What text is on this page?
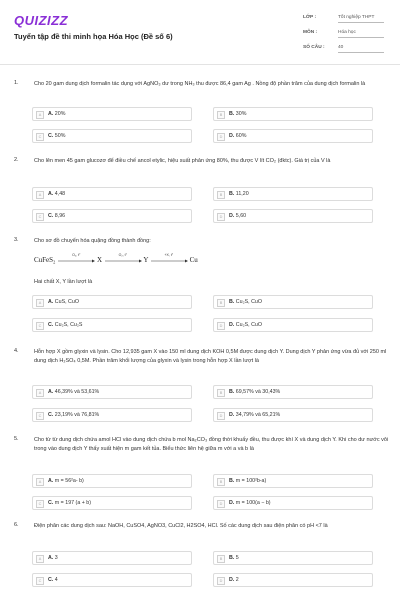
QUIZIZZ
Tuyển tập đề thi minh họa Hóa Học (Đề số 6)
LỚP :	Tốt nghiệp THPT
MÔN :	Hóa học
SỐ CÂU :	40
1.	Cho 20 gam dung dịch formalin tác dụng với AgNO₃ dư trong NH₃ thu được 86,4 gam Ag . Nồng độ phần trăm của dung dịch formalin là
A	A. 20%	B	B. 30%
C	C. 50%	D	D. 60%
2.	Cho lên men 45 gam glucozơ để điều chế ancol etylic, hiệu suất phản ứng 80%, thu được V lít CO₂ (đktc). Giá trị của V là
A	A. 4,48	B	B. 11,20
C	C. 8,96	D	D. 5,60
3.	Cho sơ đồ chuyển hóa quặng đồng thành đồng:
CuFeS₂
O₂, t°
X
O₂, t°
Y
+X, t°
Cu
Hai chất X, Y lần lượt là
A	A. CuS, CuO	B	B. Cu₂S, CuO
C	C. Cu₂S, Cu₂S	D	D. Cu₂S, CuO
4.	Hỗn hợp X gồm glyxin và lysin. Cho 12,935 gam X vào 150 ml dung dịch KOH 0,5M được dung dịch Y. Dung dịch Y phản ứng vừa đủ với 250 ml dung dịch H₂SO₄ 0,5M. Phần trăm khối lượng của glyxin và lysin trong hỗn hợp X lần lượt là
A	A. 46,39% và 53,61%	B	B. 69,57% và 30,43%
C	C. 23,19% và 76,81%	D	D. 34,79% và 65,21%
5.	Cho từ từ dung dịch chứa amol HCl vào dung dịch chứa b mol Na₂CO₃ đồng thời khuấy đều, thu được khí X và dung dịch Y. Khi cho dư nước vôi trong vào dung dịch Y thấy xuất hiện m gam kết tủa. Biểu thức liên hệ giữa m với a và b là
A	A. m = 56²a- b)	B	B. m = 100²b-a)
C	C. m = 197 (a + b)	D	D. m = 100(a − b)
6.	Điện phân các dung dịch sau: NaOH, CuSO4, AgNO3, CuCl2, H2SO4, HCl. Số các dung dịch sau điện phân có pH <7 là
A	A. 3	B	B. 5
C	C. 4	D	D. 2
